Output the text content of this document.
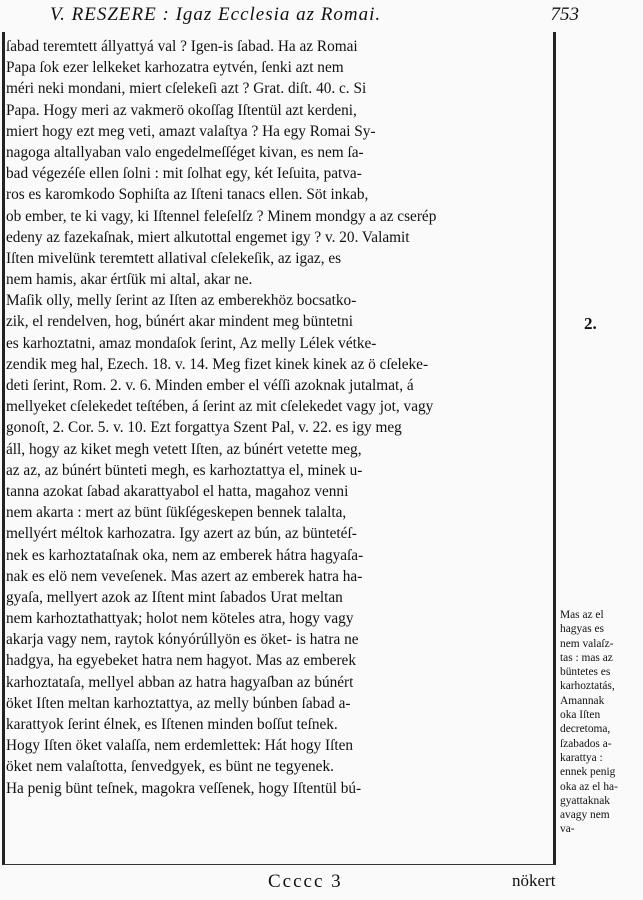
V. RESZERE : Igaz Ecclesia az Romai.	753
ſabad teremtett állyattyá val ? Igen-is ſabad. Ha az Romai
Papa ſok ezer lelkeket karhozatra eytvén, ſenki azt nem
méri neki mondani, miert cſelekeſi azt ? Grat. diſt. 40. c. Si
Papa. Hogy meri az vakmerö okoſſag Iſtentül azt kerdeni,
miert hogy ezt meg veti, amazt valaſtya ? Ha egy Romai Sy-
nagoga altallyaban valo engedelmeſſéget kivan, es nem ſa-
bad végezéſe ellen ſolni : mit ſolhat egy, két Ieſuita, patva-
ros es karomkodo Sophiſta az Iſteni tanacs ellen. Söt inkab,
ob ember, te ki vagy, ki Iſtennel feleſelſz ? Minem mondgy a az cserép
edeny az fazekaſnak, miert alkutottal engemet igy ? v. 20. Valamit
Iſten mivelünk teremtett allatival cſelekeſik, az igaz, es
nem hamis, akar értſük mi altal, akar ne.
Maſik olly, melly ſerint az Iſten az emberekhöz bocsatko-
zik, el rendelven, hog, búnért akar mindent meg büntetni
es karhoztatni, amaz mondaſok ſerint, Az melly Lélek vétke-
zendik meg hal, Ezech. 18. v. 14. Meg fizet kinek kinek az ö cſeleke-
deti ſerint, Rom. 2. v. 6. Minden ember el véſſi azoknak jutalmat, á
mellyeket cſelekedet teſtében, á ſerint az mit cſelekedet vagy jot, vagy
gonoſt, 2. Cor. 5. v. 10. Ezt forgattya Szent Pal, v. 22. es igy meg
áll, hogy az kiket megh vetett Iſten, az búnért vetette meg,
az az, az búnért bünteti megh, es karhoztattya el, minek u-
tanna azokat ſabad akarattyabol el hatta, magahoz venni
nem akarta : mert az bünt ſükſégeskepen bennek talalta,
mellyért méltok karhozatra. Igy azert az bún, az büntetéſ-
nek es karhoztataſnak oka, nem az emberek hátra hagyaſa-
nak es elö nem veveſenek. Mas azert az emberek hatra ha-
gyaſa, mellyert azok az Iſtent mint ſabados Urat meltan
nem karhoztathattyak; holot nem köteles atra, hogy vagy
akarja vagy nem, raytok kónyórúllyön es öket- is hatra ne
hadgya, ha egyebeket hatra nem hagyot. Mas az emberek
karhoztataſa, mellyel abban az hatra hagyaſban az búnért
öket Iſten meltan karhoztattya, az melly búnben ſabad a-
karattyok ſerint élnek, es Iſtenen minden boſſut teſnek.
Hogy Iſten öket valaſſa, nem erdemlettek: Hát hogy Iſten
öket nem valaſtotta, ſenvedgyek, es bünt ne tegyenek.
Ha penig bünt teſnek, magokra veſſenek, hogy Iſtentül bú-
2.
Mas az el
hagyas es
nem valaſz-
tas : mas az
büntetes es
karhoztatás,
Amannak
oka Iſten
decretoma,
ſzabados a-
karattya :
ennek penig
oka az el ha-
gyattaknak
avagy nem
va-
Ccccc 3	nökert
